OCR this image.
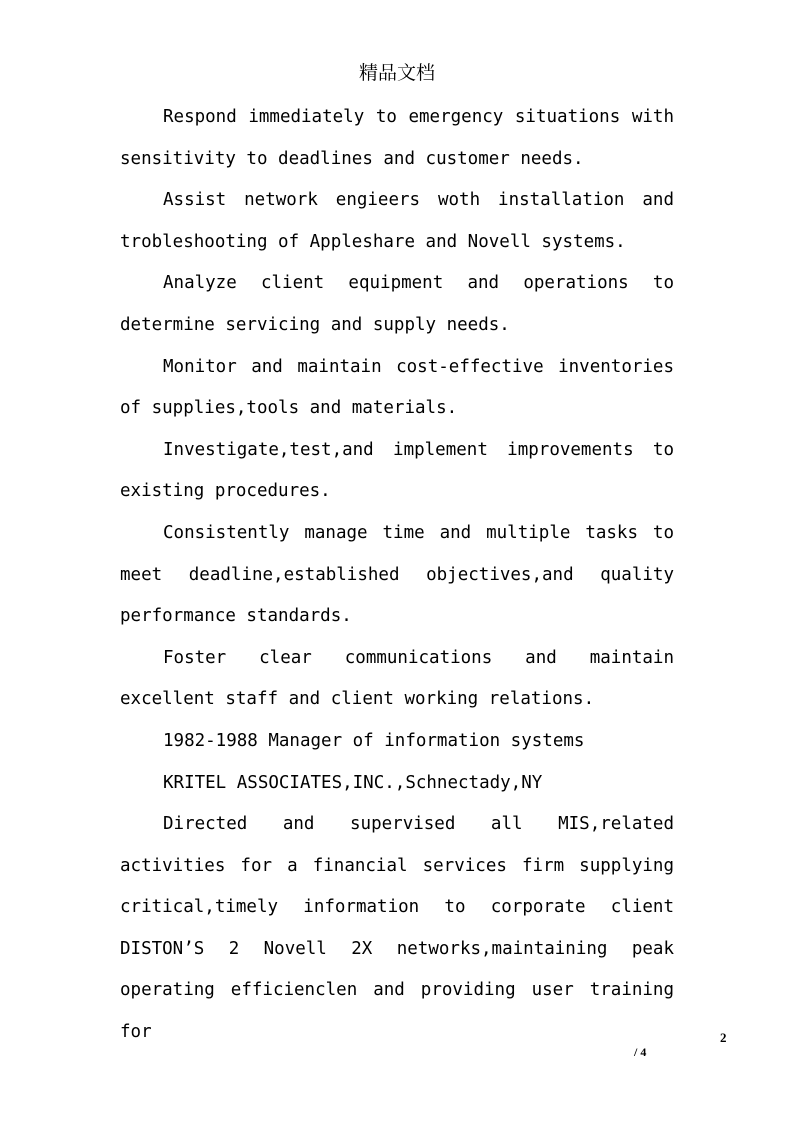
精品文档

Respond immediately to emergency situations with sensitivity to deadlines and customer needs.

Assist network engieers woth installation and trobleshooting of Appleshare and Novell systems.

Analyze client equipment and operations to determine servicing and supply needs.

Monitor and maintain cost-effective inventories of supplies,tools and materials.

Investigate,test,and implement improvements to existing procedures.

Consistently manage time and multiple tasks to meet deadline,established objectives,and quality performance standards.

Foster clear communications and maintain excellent staff and client working relations.

1982-1988 Manager of information systems

KRITEL ASSOCIATES,INC.,Schnectady,NY

Directed and supervised all MIS,related activities for a financial services firm supplying critical,timely information to corporate client DISTON’S 2 Novell 2X networks,maintaining peak operating efficienclen and providing user training for	2
/ 4
